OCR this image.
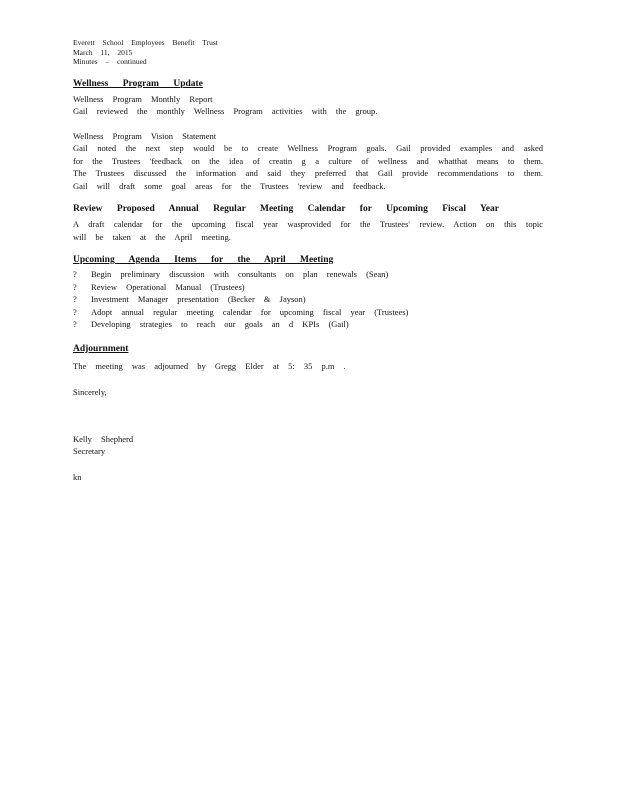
Everett School Employees Benefit Trust
March 11, 2015
Minutes – continued
Wellness Program Update
Wellness Program Monthly Report
Gail reviewed the monthly Wellness Program activities with the group.
Wellness Program Vision Statement
Gail noted the next step would be to create Wellness Program goals. Gail provided examples and asked for the Trustees 'feedback on the idea of creatin g a culture of wellness and whatthat means to them. The Trustees discussed the information and said they preferred that Gail provide recommendations to them. Gail will draft some goal areas for the Trustees 'review and feedback.
Review Proposed Annual Regular Meeting Calendar for Upcoming Fiscal Year
A draft calendar for the upcoming fiscal year wasprovided for the Trustees' review. Action on this topic will be taken at the April meeting.
Upcoming Agenda Items for the April Meeting
?	Begin preliminary discussion with consultants on plan renewals (Sean)
?	Review Operational Manual (Trustees)
?	Investment Manager presentation (Becker & Jayson)
?	Adopt annual regular meeting calendar for upcoming fiscal year (Trustees)
?	Developing strategies to reach our goals an d KPIs (Gail)
Adjournment
The meeting was adjourned by Gregg Elder at 5: 35 p.m .
Sincerely,
Kelly Shepherd
Secretary
kn
